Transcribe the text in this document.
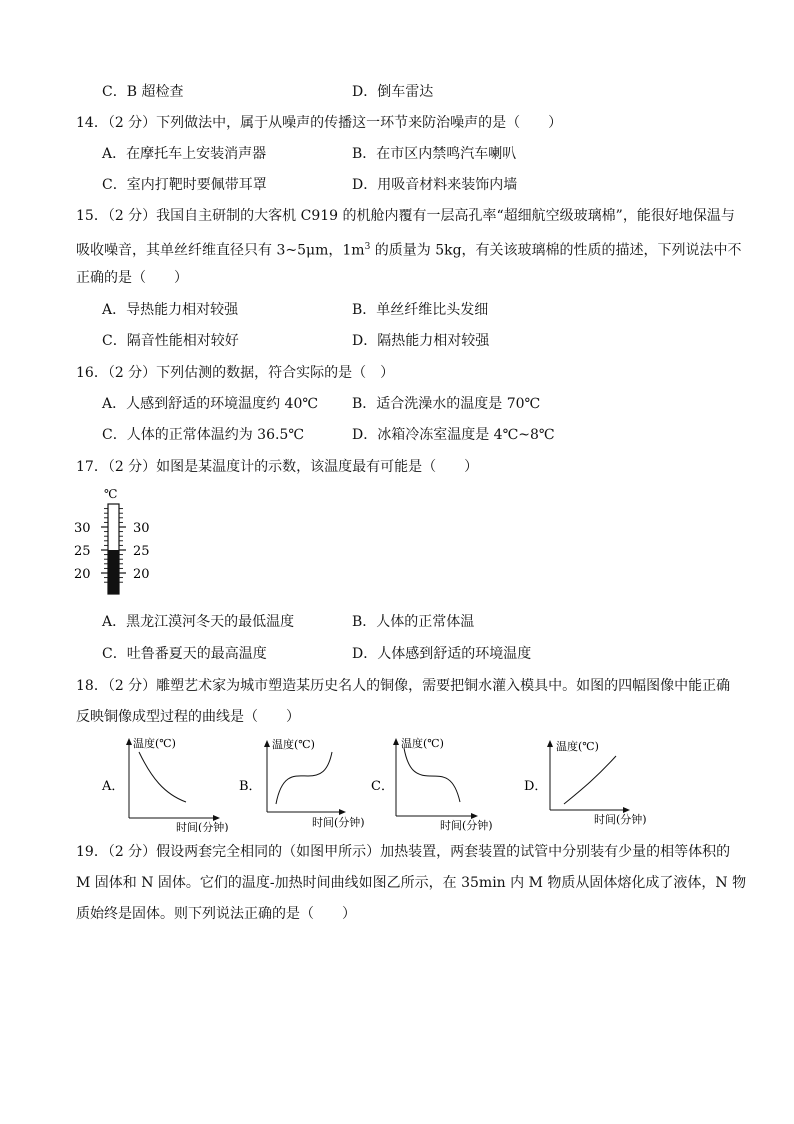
C．B 超检查	D．倒车雷达
14．（2 分）下列做法中，属于从噪声的传播这一环节来防治噪声的是（　　）
A．在摩托车上安装消声器	B．在市区内禁鸣汽车喇叭
C．室内打靶时要佩带耳罩	D．用吸音材料来装饰内墙
15．（2 分）我国自主研制的大客机 C919 的机舱内覆有一层高孔率“超细航空级玻璃棉”，能很好地保温与
吸收噪音，其单丝纤维直径只有 3~5μm，$1m^3$ 的质量为 5kg，有关该玻璃棉的性质的描述，下列说法中不
正确的是（　　）
A．导热能力相对较强	B．单丝纤维比头发细
C．隔音性能相对较好	D．隔热能力相对较强
16．（2 分）下列估测的数据，符合实际的是（　）
A．人感到舒适的环境温度约 40℃ B．适合洗澡水的温度是 70℃
C．人体的正常体温约为 36.5℃	D．冰箱冷冻室温度是 4℃~8℃
17．（2 分）如图是某温度计的示数，该温度最有可能是（　　）
℃
30
25
20
30
25
20
A．黑龙江漠河冬天的最低温度	B．人体的正常体温
C．吐鲁番夏天的最高温度	D．人体感到舒适的环境温度
18．（2 分）雕塑艺术家为城市塑造某历史名人的铜像，需要把铜水灌入模具中。如图的四幅图像中能正确
反映铜像成型过程的曲线是（　　）
A．
温度(℃)
时间(分钟)
B．
温度(℃)
时间(分钟)
C．
温度(℃)
时间(分钟)
D．
温度(℃)
时间(分钟)
19．（2 分）假设两套完全相同的（如图甲所示）加热装置，两套装置的试管中分别装有少量的相等体积的
M 固体和 N 固体。它们的温度-加热时间曲线如图乙所示，在 35min 内 M 物质从固体熔化成了液体，N 物
质始终是固体。则下列说法正确的是（　　）
